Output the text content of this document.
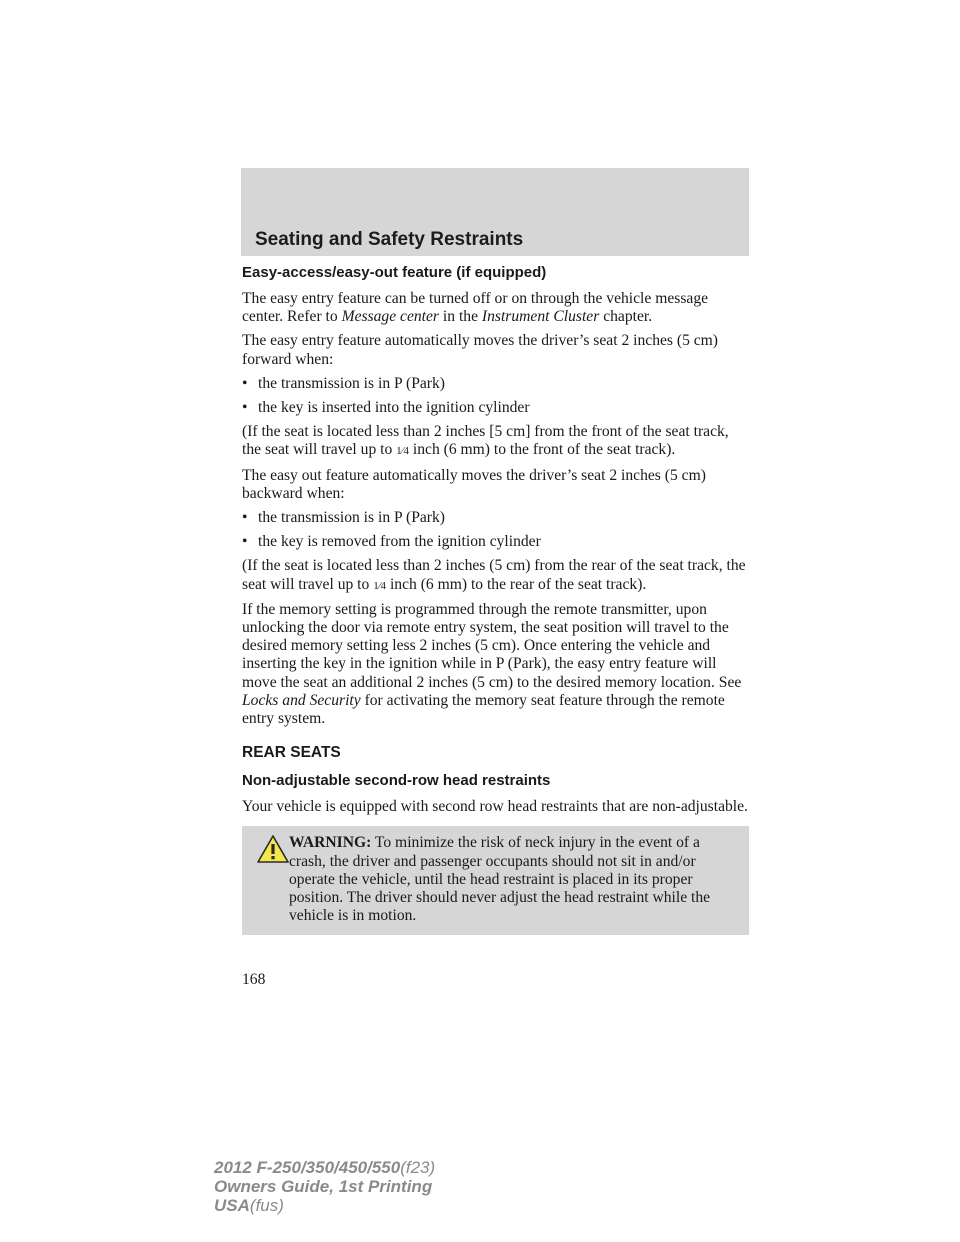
Seating and Safety Restraints
Easy-access/easy-out feature (if equipped)

The easy entry feature can be turned off or on through the vehicle message center. Refer to Message center in the Instrument Cluster chapter.

The easy entry feature automatically moves the driver’s seat 2 inches (5 cm) forward when:

• the transmission is in P (Park)
• the key is inserted into the ignition cylinder

(If the seat is located less than 2 inches [5 cm] from the front of the seat track, the seat will travel up to 1⁄4 inch (6 mm) to the front of the seat track).

The easy out feature automatically moves the driver’s seat 2 inches (5 cm) backward when:

• the transmission is in P (Park)
• the key is removed from the ignition cylinder

(If the seat is located less than 2 inches (5 cm) from the rear of the seat track, the seat will travel up to 1⁄4 inch (6 mm) to the rear of the seat track).

If the memory setting is programmed through the remote transmitter, upon unlocking the door via remote entry system, the seat position will travel to the desired memory setting less 2 inches (5 cm). Once entering the vehicle and inserting the key in the ignition while in P (Park), the easy entry feature will move the seat an additional 2 inches (5 cm) to the desired memory location. See Locks and Security for activating the memory seat feature through the remote entry system.

REAR SEATS
Non-adjustable second-row head restraints

Your vehicle is equipped with second row head restraints that are non-adjustable.

WARNING: To minimize the risk of neck injury in the event of a crash, the driver and passenger occupants should not sit in and/or operate the vehicle, until the head restraint is placed in its proper position. The driver should never adjust the head restraint while the vehicle is in motion.
168
2012 F-250/350/450/550(f23)
Owners Guide, 1st Printing
USA(fus)
